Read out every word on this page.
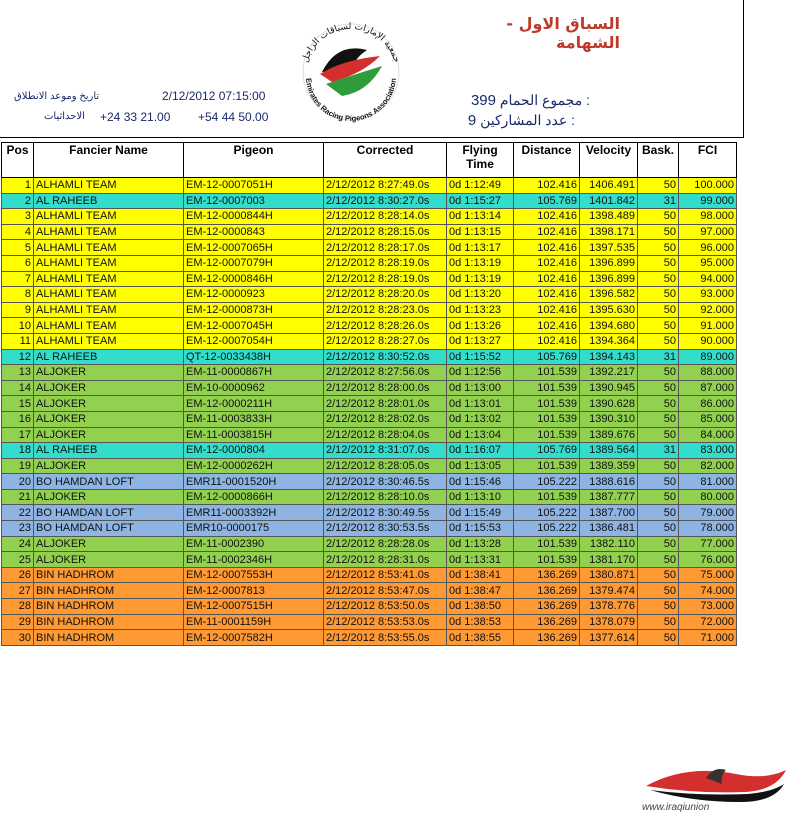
جمعية الإمارات لسباقات الزاجل
Emirates Racing Pigeons Association
السباق الاول - الشهامة
399 مجموع الحمام :
9 عدد المشاركين :
تاريخ وموعد الانطلاق	2/12/2012 07:15:00
الاحداثيات +24 33 21.00 +54 44 50.00
Pos	Fancier Name	Pigeon	Corrected	Flying Time	Distance	Velocity	Bask.	FCI
1	ALHAMLI TEAM	EM-12-0007051H	2/12/2012 8:27:49.0s	0d 1:12:49	102.416	1406.491	50	100.000
2	AL RAHEEB	EM-12-0007003	2/12/2012 8:30:27.0s	0d 1:15:27	105.769	1401.842	31	99.000
3	ALHAMLI TEAM	EM-12-0000844H	2/12/2012 8:28:14.0s	0d 1:13:14	102.416	1398.489	50	98.000
4	ALHAMLI TEAM	EM-12-0000843	2/12/2012 8:28:15.0s	0d 1:13:15	102.416	1398.171	50	97.000
5	ALHAMLI TEAM	EM-12-0007065H	2/12/2012 8:28:17.0s	0d 1:13:17	102.416	1397.535	50	96.000
6	ALHAMLI TEAM	EM-12-0007079H	2/12/2012 8:28:19.0s	0d 1:13:19	102.416	1396.899	50	95.000
7	ALHAMLI TEAM	EM-12-0000846H	2/12/2012 8:28:19.0s	0d 1:13:19	102.416	1396.899	50	94.000
8	ALHAMLI TEAM	EM-12-0000923	2/12/2012 8:28:20.0s	0d 1:13:20	102.416	1396.582	50	93.000
9	ALHAMLI TEAM	EM-12-0000873H	2/12/2012 8:28:23.0s	0d 1:13:23	102.416	1395.630	50	92.000
10	ALHAMLI TEAM	EM-12-0007045H	2/12/2012 8:28:26.0s	0d 1:13:26	102.416	1394.680	50	91.000
11	ALHAMLI TEAM	EM-12-0007054H	2/12/2012 8:28:27.0s	0d 1:13:27	102.416	1394.364	50	90.000
12	AL RAHEEB	QT-12-0033438H	2/12/2012 8:30:52.0s	0d 1:15:52	105.769	1394.143	31	89.000
13	ALJOKER	EM-11-0000867H	2/12/2012 8:27:56.0s	0d 1:12:56	101.539	1392.217	50	88.000
14	ALJOKER	EM-10-0000962	2/12/2012 8:28:00.0s	0d 1:13:00	101.539	1390.945	50	87.000
15	ALJOKER	EM-12-0000211H	2/12/2012 8:28:01.0s	0d 1:13:01	101.539	1390.628	50	86.000
16	ALJOKER	EM-11-0003833H	2/12/2012 8:28:02.0s	0d 1:13:02	101.539	1390.310	50	85.000
17	ALJOKER	EM-11-0003815H	2/12/2012 8:28:04.0s	0d 1:13:04	101.539	1389.676	50	84.000
18	AL RAHEEB	EM-12-0000804	2/12/2012 8:31:07.0s	0d 1:16:07	105.769	1389.564	31	83.000
19	ALJOKER	EM-12-0000262H	2/12/2012 8:28:05.0s	0d 1:13:05	101.539	1389.359	50	82.000
20	BO HAMDAN LOFT	EMR11-0001520H	2/12/2012 8:30:46.5s	0d 1:15:46	105.222	1388.616	50	81.000
21	ALJOKER	EM-12-0000866H	2/12/2012 8:28:10.0s	0d 1:13:10	101.539	1387.777	50	80.000
22	BO HAMDAN LOFT	EMR11-0003392H	2/12/2012 8:30:49.5s	0d 1:15:49	105.222	1387.700	50	79.000
23	BO HAMDAN LOFT	EMR10-0000175	2/12/2012 8:30:53.5s	0d 1:15:53	105.222	1386.481	50	78.000
24	ALJOKER	EM-11-0002390	2/12/2012 8:28:28.0s	0d 1:13:28	101.539	1382.110	50	77.000
25	ALJOKER	EM-11-0002346H	2/12/2012 8:28:31.0s	0d 1:13:31	101.539	1381.170	50	76.000
26	BIN HADHROM	EM-12-0007553H	2/12/2012 8:53:41.0s	0d 1:38:41	136.269	1380.871	50	75.000
27	BIN HADHROM	EM-12-0007813	2/12/2012 8:53:47.0s	0d 1:38:47	136.269	1379.474	50	74.000
28	BIN HADHROM	EM-12-0007515H	2/12/2012 8:53:50.0s	0d 1:38:50	136.269	1378.776	50	73.000
29	BIN HADHROM	EM-11-0001159H	2/12/2012 8:53:53.0s	0d 1:38:53	136.269	1378.079	50	72.000
30	BIN HADHROM	EM-12-0007582H	2/12/2012 8:53:55.0s	0d 1:38:55	136.269	1377.614	50	71.000
www.iraqiunion
